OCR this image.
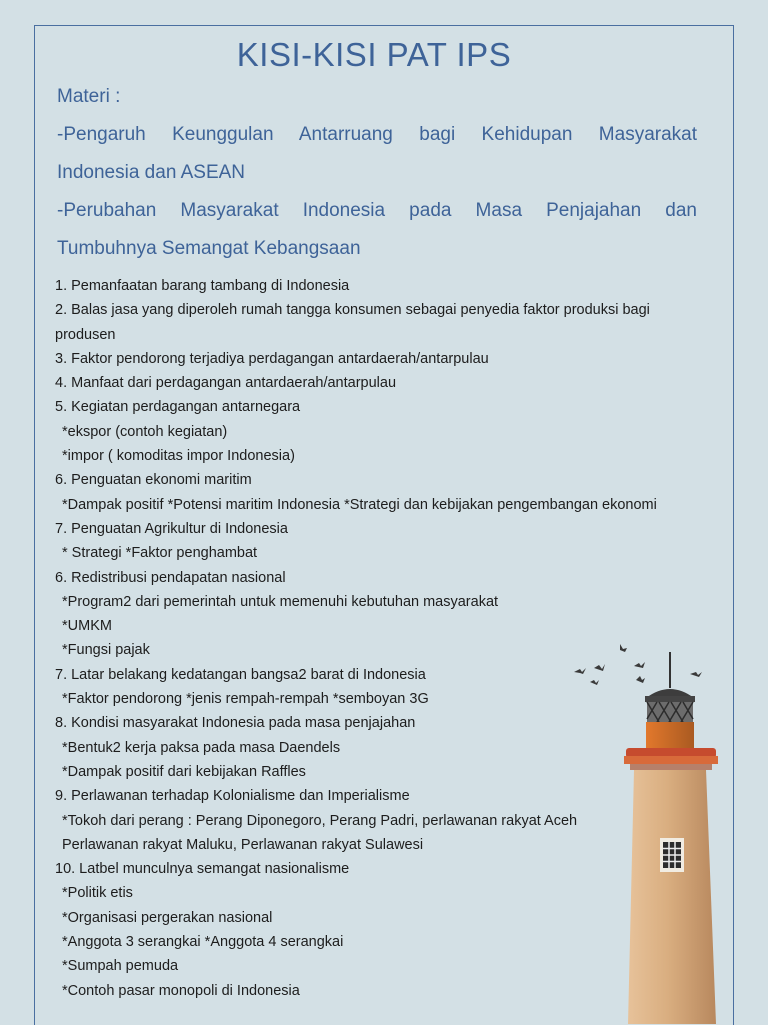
KISI-KISI PAT IPS
Materi :
-Pengaruh Keunggulan Antarruang bagi Kehidupan Masyarakat
Indonesia dan ASEAN
-Perubahan Masyarakat Indonesia pada Masa Penjajahan dan
Tumbuhnya Semangat Kebangsaan
1. Pemanfaatan barang tambang di Indonesia
2. Balas jasa yang diperoleh rumah tangga konsumen sebagai penyedia faktor produksi bagi
produsen
3. Faktor pendorong terjadiya perdagangan antardaerah/antarpulau
4. Manfaat dari perdagangan antardaerah/antarpulau
5. Kegiatan perdagangan antarnegara
*ekspor (contoh kegiatan)
*impor ( komoditas impor Indonesia)
6. Penguatan ekonomi maritim
*Dampak positif *Potensi maritim Indonesia *Strategi dan kebijakan pengembangan ekonomi
7. Penguatan Agrikultur di Indonesia
* Strategi *Faktor penghambat
6. Redistribusi pendapatan nasional
*Program2 dari pemerintah untuk memenuhi kebutuhan masyarakat
*UMKM
*Fungsi pajak
7. Latar belakang kedatangan bangsa2 barat di Indonesia
*Faktor pendorong *jenis rempah-rempah *semboyan 3G
8. Kondisi masyarakat Indonesia pada masa penjajahan
*Bentuk2 kerja paksa pada masa Daendels
*Dampak positif dari kebijakan Raffles
9. Perlawanan terhadap Kolonialisme dan Imperialisme
*Tokoh dari perang : Perang Diponegoro, Perang Padri, perlawanan rakyat Aceh
Perlawanan rakyat Maluku, Perlawanan rakyat Sulawesi
10. Latbel munculnya semangat nasionalisme
*Politik etis
*Organisasi pergerakan nasional
*Anggota 3 serangkai *Anggota 4 serangkai
*Sumpah pemuda
*Contoh pasar monopoli di Indonesia
